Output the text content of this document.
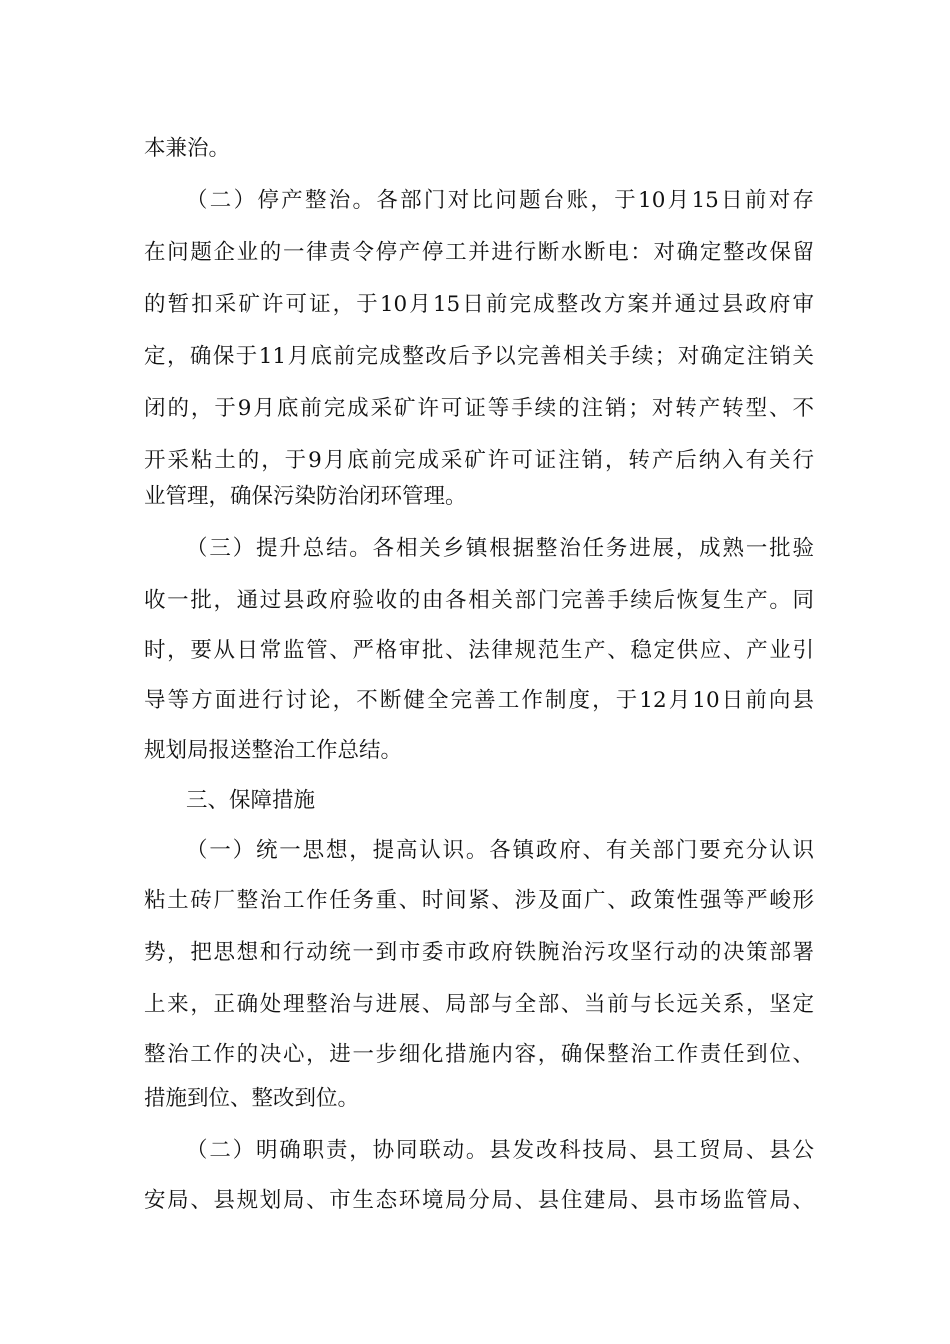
本兼治。
（二）停产整治。各部门对比问题台账，于10月15日前对存
在问题企业的一律责令停产停工并进行断水断电：对确定整改保留
的暂扣采矿许可证，于10月15日前完成整改方案并通过县政府审
定，确保于11月底前完成整改后予以完善相关手续；对确定注销关
闭的，于9月底前完成采矿许可证等手续的注销；对转产转型、不
开采粘土的，于9月底前完成采矿许可证注销，转产后纳入有关行
业管理，确保污染防治闭环管理。
（三）提升总结。各相关乡镇根据整治任务进展，成熟一批验
收一批，通过县政府验收的由各相关部门完善手续后恢复生产。同
时，要从日常监管、严格审批、法律规范生产、稳定供应、产业引
导等方面进行讨论，不断健全完善工作制度，于12月10日前向县
规划局报送整治工作总结。
三、保障措施
（一）统一思想，提高认识。各镇政府、有关部门要充分认识
粘土砖厂整治工作任务重、时间紧、涉及面广、政策性强等严峻形
势，把思想和行动统一到市委市政府铁腕治污攻坚行动的决策部署
上来，正确处理整治与进展、局部与全部、当前与长远关系，坚定
整治工作的决心，进一步细化措施内容，确保整治工作责任到位、
措施到位、整改到位。
（二）明确职责，协同联动。县发改科技局、县工贸局、县公
安局、县规划局、市生态环境局分局、县住建局、县市场监管局、
